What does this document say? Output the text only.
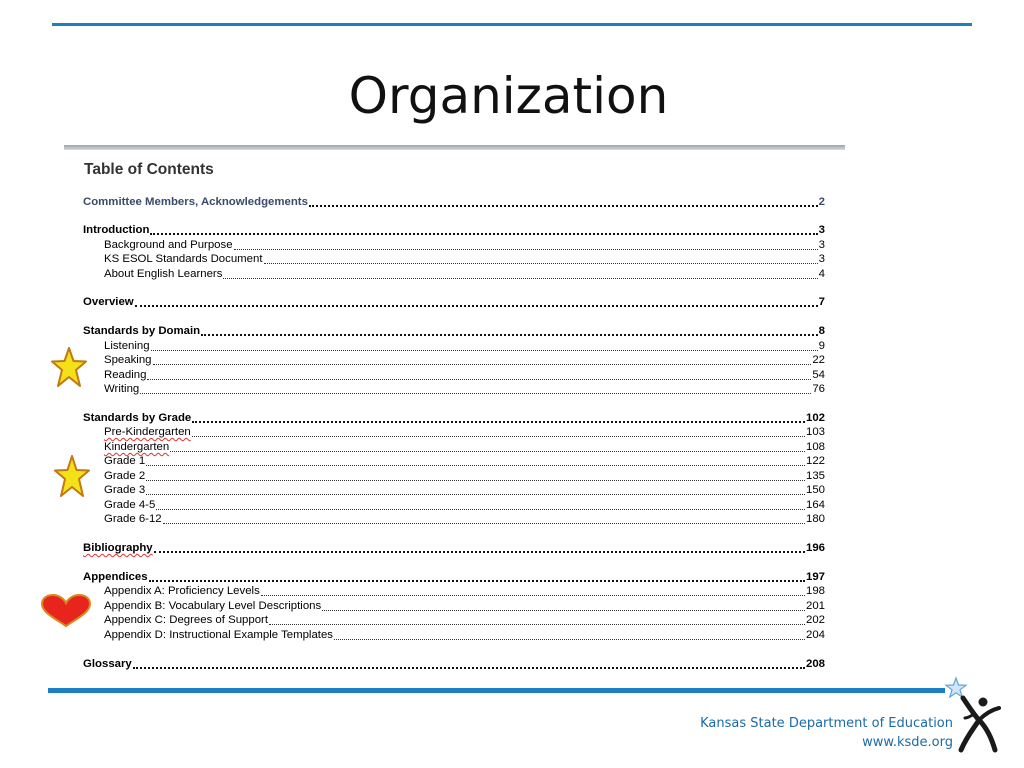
Organization
Table of Contents
Committee Members, Acknowledgements	2
Introduction	3
Background and Purpose	3
KS ESOL Standards Document	3
About English Learners	4
Overview	7
Standards by Domain	8
Listening	9
Speaking	22
Reading	54
Writing	76
Standards by Grade	102
Pre-Kindergarten	103
Kindergarten	108
Grade 1	122
Grade 2	135
Grade 3	150
Grade 4-5	164
Grade 6-12	180
Bibliography	196
Appendices	197
Appendix A: Proficiency Levels	198
Appendix B: Vocabulary Level Descriptions	201
Appendix C: Degrees of Support	202
Appendix D: Instructional Example Templates	204
Glossary	208
Kansas State Department of Education
www.ksde.org
